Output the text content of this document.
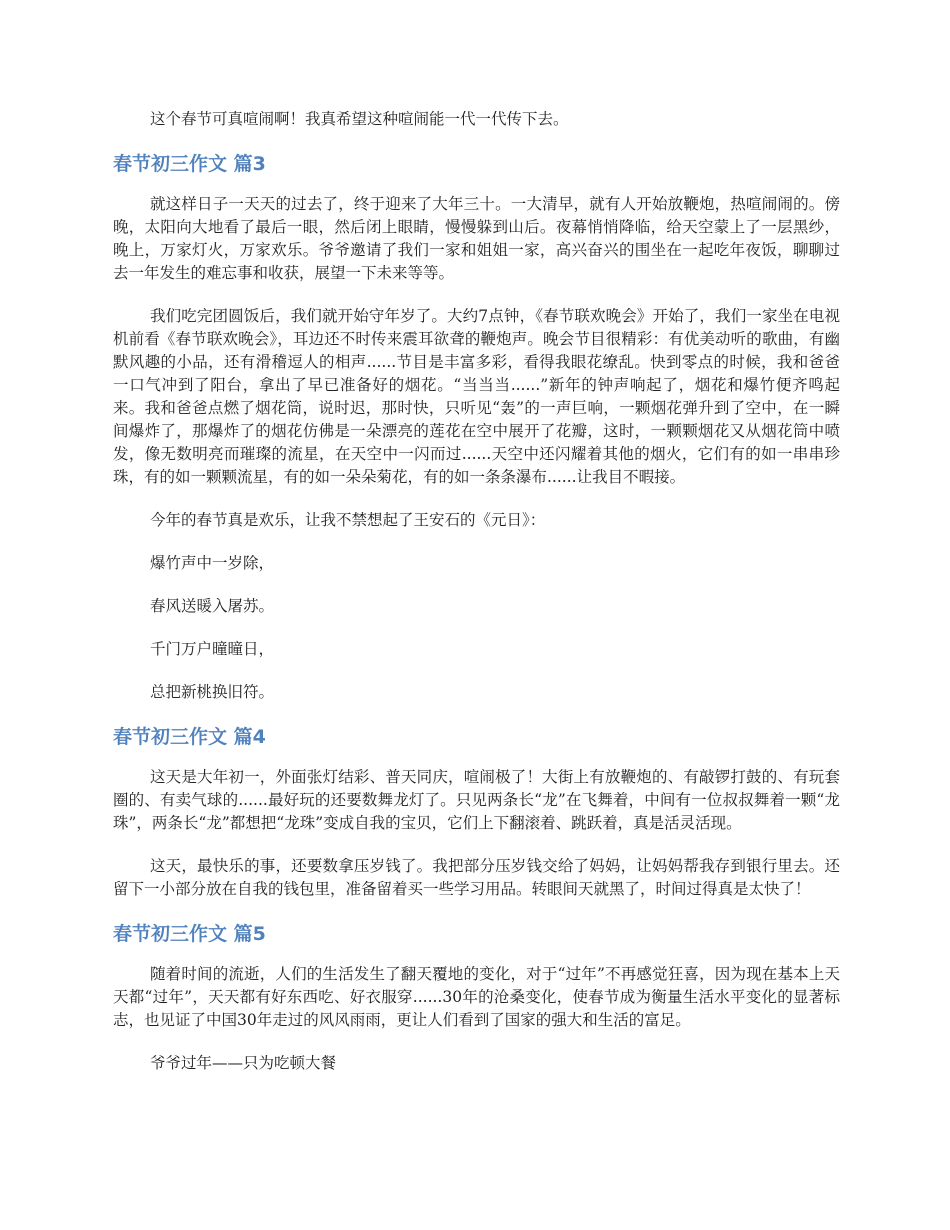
这个春节可真喧闹啊！我真希望这种喧闹能一代一代传下去。

春节初三作文 篇3

就这样日子一天天的过去了，终于迎来了大年三十。一大清早，就有人开始放鞭炮，热喧闹闹的。傍晚，太阳向大地看了最后一眼，然后闭上眼睛，慢慢躲到山后。夜幕悄悄降临，给天空蒙上了一层黑纱，晚上，万家灯火，万家欢乐。爷爷邀请了我们一家和姐姐一家，高兴奋兴的围坐在一起吃年夜饭，聊聊过去一年发生的难忘事和收获，展望一下未来等等。

我们吃完团圆饭后，我们就开始守年岁了。大约7点钟，《春节联欢晚会》开始了，我们一家坐在电视机前看《春节联欢晚会》，耳边还不时传来震耳欲聋的鞭炮声。晚会节目很精彩：有优美动听的歌曲，有幽默风趣的小品，还有滑稽逗人的相声......节目是丰富多彩，看得我眼花缭乱。快到零点的时候，我和爸爸一口气冲到了阳台，拿出了早已准备好的烟花。“当当当......”新年的钟声响起了，烟花和爆竹便齐鸣起来。我和爸爸点燃了烟花筒，说时迟，那时快，只听见“轰”的一声巨响，一颗烟花弹升到了空中，在一瞬间爆炸了，那爆炸了的烟花仿佛是一朵漂亮的莲花在空中展开了花瓣，这时，一颗颗烟花又从烟花筒中喷发，像无数明亮而璀璨的流星，在天空中一闪而过......天空中还闪耀着其他的烟火，它们有的如一串串珍珠，有的如一颗颗流星，有的如一朵朵菊花，有的如一条条瀑布......让我目不暇接。

今年的春节真是欢乐，让我不禁想起了王安石的《元日》：

爆竹声中一岁除，

春风送暖入屠苏。

千门万户曈曈日，

总把新桃换旧符。

春节初三作文 篇4

这天是大年初一，外面张灯结彩、普天同庆，喧闹极了！大街上有放鞭炮的、有敲锣打鼓的、有玩套圈的、有卖气球的......最好玩的还要数舞龙灯了。只见两条长“龙”在飞舞着，中间有一位叔叔舞着一颗“龙珠”，两条长“龙”都想把“龙珠”变成自我的宝贝，它们上下翻滚着、跳跃着，真是活灵活现。

这天，最快乐的事，还要数拿压岁钱了。我把部分压岁钱交给了妈妈，让妈妈帮我存到银行里去。还留下一小部分放在自我的钱包里，准备留着买一些学习用品。转眼间天就黑了，时间过得真是太快了！

春节初三作文 篇5

随着时间的流逝，人们的生活发生了翻天覆地的变化，对于“过年”不再感觉狂喜，因为现在基本上天天都“过年”，天天都有好东西吃、好衣服穿......30年的沧桑变化，使春节成为衡量生活水平变化的显著标志，也见证了中国30年走过的风风雨雨，更让人们看到了国家的强大和生活的富足。

爷爷过年——只为吃顿大餐
